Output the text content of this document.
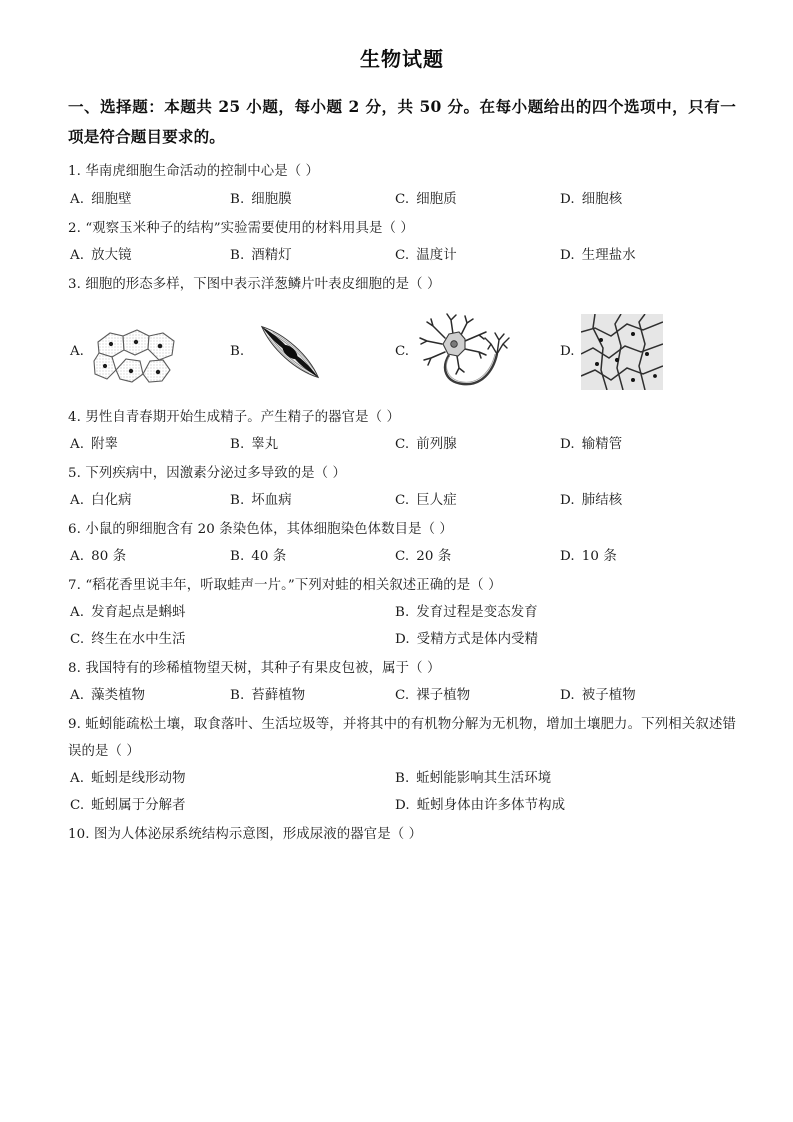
生物试题
一、选择题：本题共 25 小题，每小题 2 分，共 50 分。在每小题给出的四个选项中，只有一项是符合题目要求的。
1. 华南虎细胞生命活动的控制中心是（ ）
A. 细胞壁	B. 细胞膜	C. 细胞质	D. 细胞核
2. “观察玉米种子的结构”实验需要使用的材料用具是（ ）
A. 放大镜	B. 酒精灯	C. 温度计	D. 生理盐水
3. 细胞的形态多样，下图中表示洋葱鳞片叶表皮细胞的是（ ）
A.	B.	C.	D.
4. 男性自青春期开始生成精子。产生精子的器官是（ ）
A. 附睾	B. 睾丸	C. 前列腺	D. 输精管
5. 下列疾病中，因激素分泌过多导致的是（ ）
A. 白化病	B. 坏血病	C. 巨人症	D. 肺结核
6. 小鼠的卵细胞含有 20 条染色体，其体细胞染色体数目是（ ）
A. 80 条	B. 40 条	C. 20 条	D. 10 条
7. “稻花香里说丰年，听取蛙声一片。”下列对蛙的相关叙述正确的是（ ）
A. 发育起点是蝌蚪	B. 发育过程是变态发育
C. 终生在水中生活	D. 受精方式是体内受精
8. 我国特有的珍稀植物望天树，其种子有果皮包被，属于（ ）
A. 藻类植物	B. 苔藓植物	C. 裸子植物	D. 被子植物
9. 蚯蚓能疏松土壤，取食落叶、生活垃圾等，并将其中的有机物分解为无机物，增加土壤肥力。下列相关叙述错误的是（ ）
A. 蚯蚓是线形动物	B. 蚯蚓能影响其生活环境
C. 蚯蚓属于分解者	D. 蚯蚓身体由许多体节构成
10. 图为人体泌尿系统结构示意图，形成尿液的器官是（ ）
